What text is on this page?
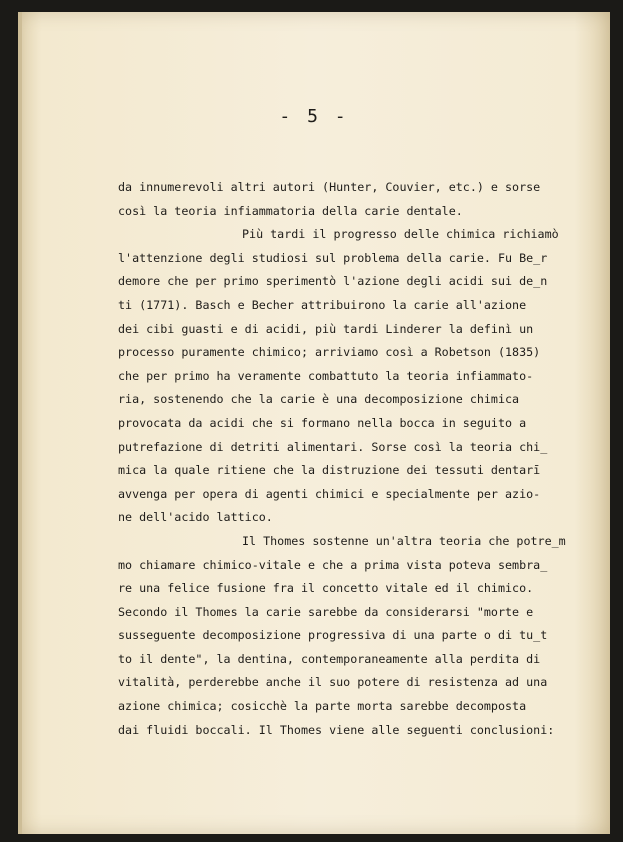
- 5 -
da innumerevoli altri autori (Hunter, Couvier, etc.) e sorse
così la teoria infiammatoria della carie dentale.
Più tardi il progresso delle chimica richiamò
l'attenzione degli studiosi sul problema della carie. Fu Be̲r
demore che per primo sperimentò l'azione degli acidi sui de̲n
ti (1771). Basch e Becher attribuirono la carie all'azione
dei cibi guasti e di acidi, più tardi Linderer la definì un
processo puramente chimico; arriviamo così a Robetson (1835)
che per primo ha veramente combattuto la teoria infiammato-
ria, sostenendo che la carie è una decomposizione chimica
provocata da acidi che si formano nella bocca in seguito a
putrefazione di detriti alimentari. Sorse così la teoria chi̲
mica la quale ritiene che la distruzione dei tessuti dentarī
avvenga per opera di agenti chimici e specialmente per azio-
ne dell'acido lattico.
Il Thomes sostenne un'altra teoria che potre̲m
mo chiamare chimico-vitale e che a prima vista poteva sembra̲
re una felice fusione fra il concetto vitale ed il chimico.
Secondo il Thomes la carie sarebbe da considerarsi "morte e
susseguente decomposizione progressiva di una parte o di tu̲t
to il dente", la dentina, contemporaneamente alla perdita di
vitalità, perderebbe anche il suo potere di resistenza ad una
azione chimica; cosicchè la parte morta sarebbe decomposta
dai fluidi boccali. Il Thomes viene alle seguenti conclusioni:
